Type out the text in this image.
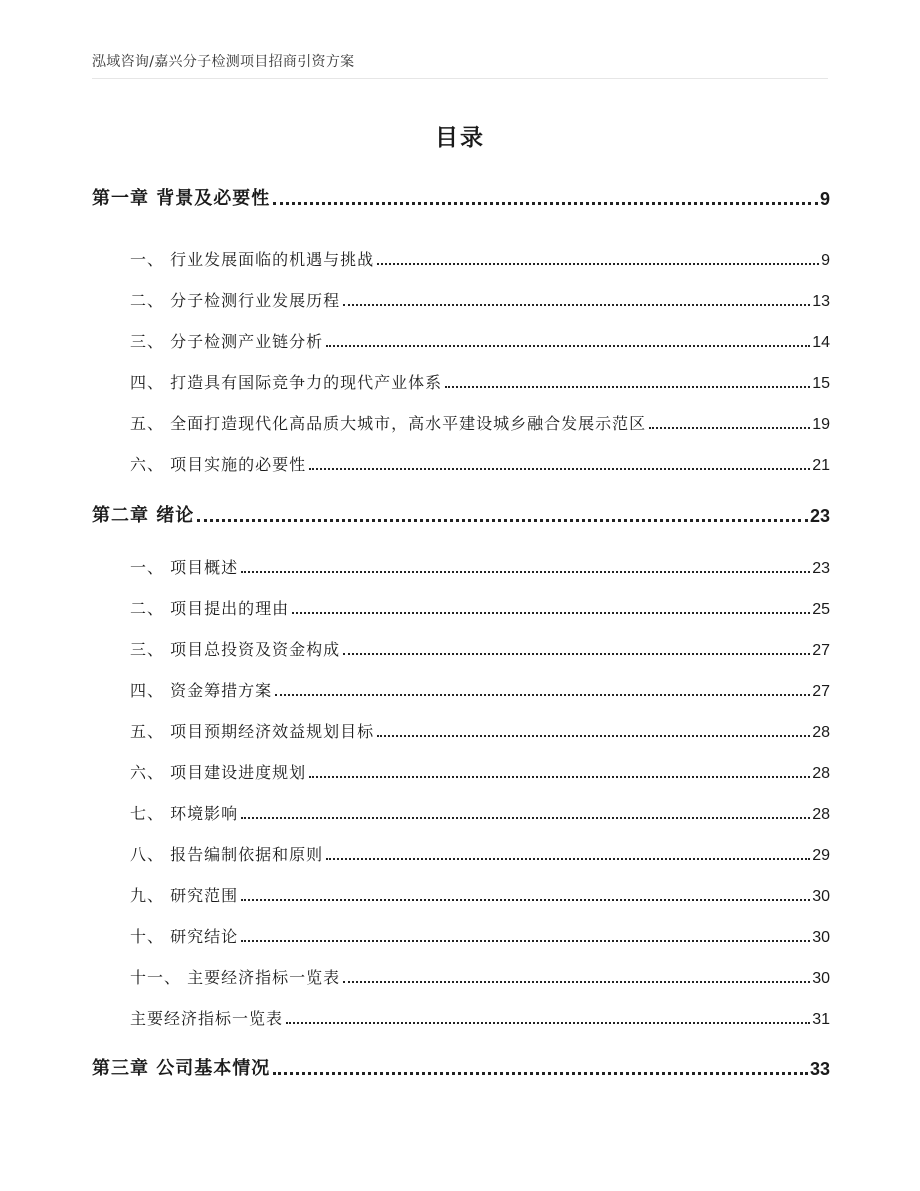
泓域咨询/嘉兴分子检测项目招商引资方案
目录
第一章 背景及必要性	9
一、 行业发展面临的机遇与挑战	9
二、 分子检测行业发展历程	13
三、 分子检测产业链分析	14
四、 打造具有国际竞争力的现代产业体系	15
五、 全面打造现代化高品质大城市，高水平建设城乡融合发展示范区	19
六、 项目实施的必要性	21
第二章 绪论	23
一、 项目概述	23
二、 项目提出的理由	25
三、 项目总投资及资金构成	27
四、 资金筹措方案	27
五、 项目预期经济效益规划目标	28
六、 项目建设进度规划	28
七、 环境影响	28
八、 报告编制依据和原则	29
九、 研究范围	30
十、 研究结论	30
十一、 主要经济指标一览表	30
主要经济指标一览表	31
第三章 公司基本情况	33
